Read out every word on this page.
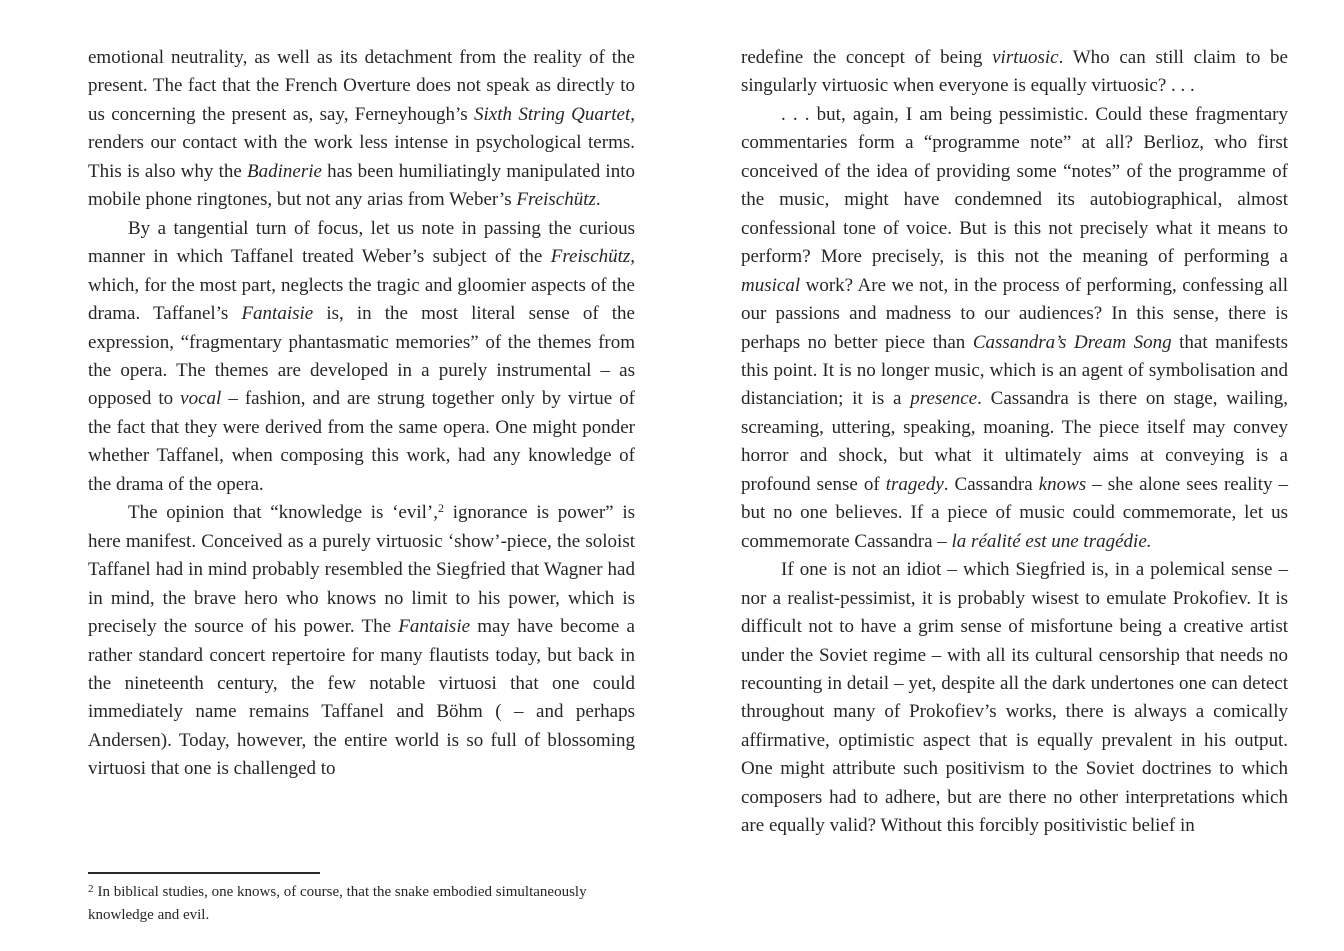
emotional neutrality, as well as its detachment from the reality of the present. The fact that the French Overture does not speak as directly to us concerning the present as, say, Ferneyhough’s Sixth String Quartet, renders our contact with the work less intense in psychological terms. This is also why the Badinerie has been humiliatingly manipulated into mobile phone ringtones, but not any arias from Weber’s Freischütz.

By a tangential turn of focus, let us note in passing the curious manner in which Taffanel treated Weber’s subject of the Freischütz, which, for the most part, neglects the tragic and gloomier aspects of the drama. Taffanel’s Fantaisie is, in the most literal sense of the expression, “fragmentary phantasmatic memories” of the themes from the opera. The themes are developed in a purely instrumental – as opposed to vocal – fashion, and are strung together only by virtue of the fact that they were derived from the same opera. One might ponder whether Taffanel, when composing this work, had any knowledge of the drama of the opera.

The opinion that “knowledge is ‘evil’,$^2$ ignorance is power” is here manifest. Conceived as a purely virtuosic ‘show’-piece, the soloist Taffanel had in mind probably resembled the Siegfried that Wagner had in mind, the brave hero who knows no limit to his power, which is precisely the source of his power. The Fantaisie may have become a rather standard concert repertoire for many flautists today, but back in the nineteenth century, the few notable virtuosi that one could immediately name remains Taffanel and Böhm ( – and perhaps Andersen). Today, however, the entire world is so full of blossoming virtuosi that one is challenged to

redefine the concept of being virtuosic. Who can still claim to be singularly virtuosic when everyone is equally virtuosic? . . .

. . . but, again, I am being pessimistic. Could these fragmentary commentaries form a “programme note” at all? Berlioz, who first conceived of the idea of providing some “notes” of the programme of the music, might have condemned its autobiographical, almost confessional tone of voice. But is this not precisely what it means to perform? More precisely, is this not the meaning of performing a musical work? Are we not, in the process of performing, confessing all our passions and madness to our audiences? In this sense, there is perhaps no better piece than Cassandra’s Dream Song that manifests this point. It is no longer music, which is an agent of symbolisation and distanciation; it is a presence. Cassandra is there on stage, wailing, screaming, uttering, speaking, moaning. The piece itself may convey horror and shock, but what it ultimately aims at conveying is a profound sense of tragedy. Cassandra knows – she alone sees reality – but no one believes. If a piece of music could commemorate, let us commemorate Cassandra – la réalité est une tragédie.

If one is not an idiot – which Siegfried is, in a polemical sense – nor a realist-pessimist, it is probably wisest to emulate Prokofiev. It is difficult not to have a grim sense of misfortune being a creative artist under the Soviet regime – with all its cultural censorship that needs no recounting in detail – yet, despite all the dark undertones one can detect throughout many of Prokofiev’s works, there is always a comically affirmative, optimistic aspect that is equally prevalent in his output. One might attribute such positivism to the Soviet doctrines to which composers had to adhere, but are there no other interpretations which are equally valid? Without this forcibly positivistic belief in

$^2$ In biblical studies, one knows, of course, that the snake embodied simultaneously knowledge and evil.
